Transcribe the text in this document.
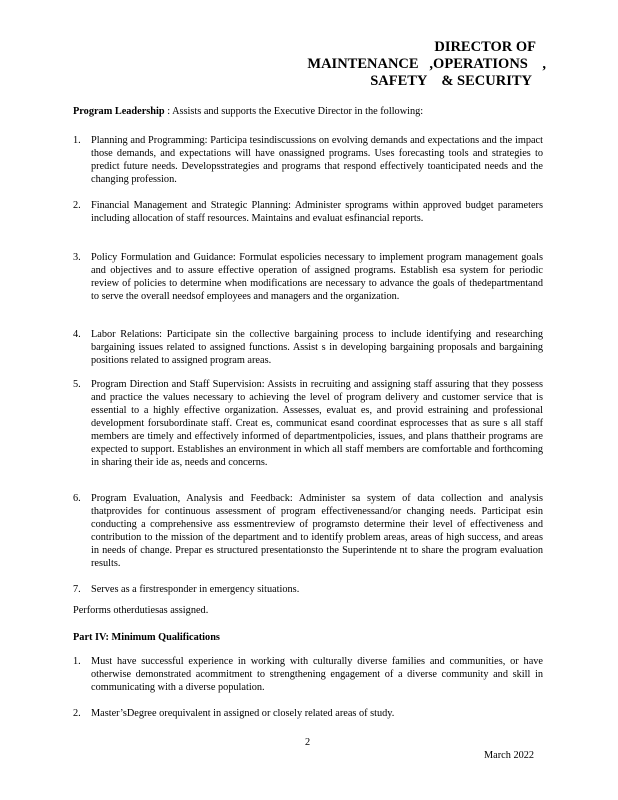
DIRECTOR OF
MAINTENANCE   ,OPERATIONS    ,
SAFETY    & SECURITY
Program Leadership : Assists and supports the Executive Director in the following:
1. Planning and Programming: Participa tesindiscussions on evolving demands and expectations and the impact those demands, and expectations will have onassigned programs. Uses forecasting tools and strategies to predict future needs. Developsstrategies and programs that respond effectively toanticipated needs and the changing profession.
2. Financial Management and Strategic Planning: Administer sprograms within approved budget parameters including allocation of staff resources. Maintains and evaluat esfinancial reports.
3. Policy Formulation and Guidance: Formulat espolicies necessary to implement program management goals and objectives and to assure effective operation of assigned programs. Establish esa system for periodic review of policies to determine when modifications are necessary to advance the goals of thedepartmentand to serve the overall needsof employees and managers and the organization.
4. Labor Relations: Participate sin the collective bargaining process to include identifying and researching bargaining issues related to assigned functions. Assist s in developing bargaining proposals and bargaining positions related to assigned program areas.
5. Program Direction and Staff Supervision: Assists in recruiting and assigning staff assuring that they possess and practice the values necessary to achieving the level of program delivery and customer service that is essential to a highly effective organization. Assesses, evaluat es, and provid estraining and professional development forsubordinate staff. Creat es, communicat esand coordinat esprocesses that as sure s all staff members are timely and effectively informed of departmentpolicies, issues, and plans thattheir programs are expected to support. Establishes an environment in which all staff members are comfortable and forthcoming in sharing their ide as, needs and concerns.
6. Program Evaluation, Analysis and Feedback: Administer sa system of data collection and analysis thatprovides for continuous assessment of program effectivenessand/or changing needs. Participat esin conducting a comprehensive ass essmentreview of programsto determine their level of effectiveness and contribution to the mission of the department and to identify problem areas, areas of high success, and areas in needs of change. Prepar es structured presentationsto the Superintende nt to share the program evaluation results.
7. Serves as a firstresponder in emergency situations.
Performs otherdutiesas assigned.
Part IV: Minimum Qualifications
1. Must have successful experience in working with culturally diverse families and communities, or have otherwise demonstrated acommitment to strengthening engagement of a diverse community and skill in communicating with a diverse population.
2. Master’sDegree orequivalent in assigned or closely related areas of study.
2
March 2022
